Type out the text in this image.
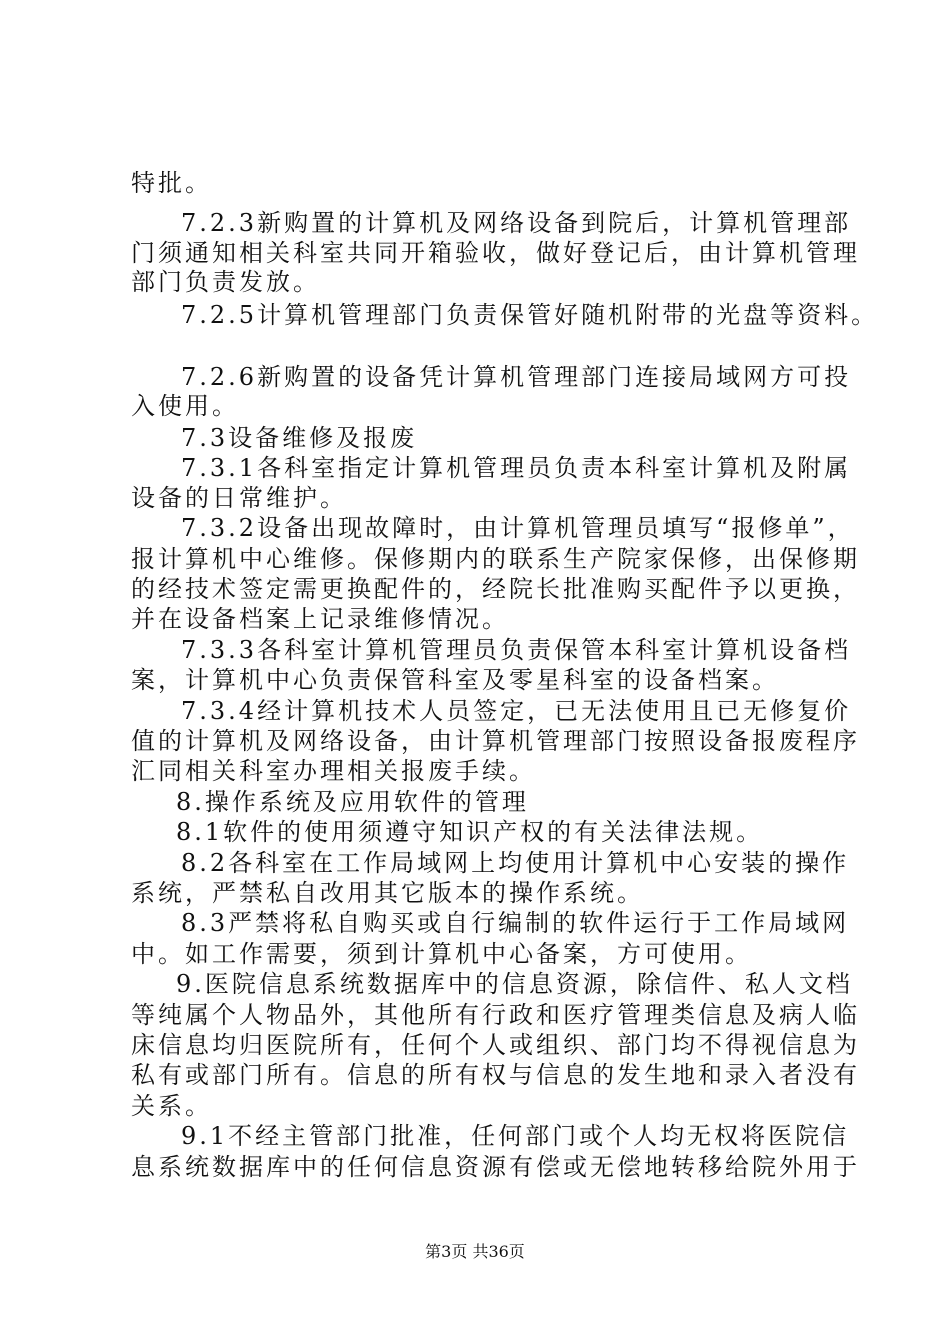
特批。
7.2.3新购置的计算机及网络设备到院后，计算机管理部
门须通知相关科室共同开箱验收，做好登记后，由计算机管理
部门负责发放。
7.2.5计算机管理部门负责保管好随机附带的光盘等资料。
7.2.6新购置的设备凭计算机管理部门连接局域网方可投
入使用。
7.3设备维修及报废
7.3.1各科室指定计算机管理员负责本科室计算机及附属
设备的日常维护。
7.3.2设备出现故障时，由计算机管理员填写“报修单”，
报计算机中心维修。保修期内的联系生产院家保修，出保修期
的经技术签定需更换配件的，经院长批准购买配件予以更换，
并在设备档案上记录维修情况。
7.3.3各科室计算机管理员负责保管本科室计算机设备档
案，计算机中心负责保管科室及零星科室的设备档案。
7.3.4经计算机技术人员签定，已无法使用且已无修复价
值的计算机及网络设备，由计算机管理部门按照设备报废程序
汇同相关科室办理相关报废手续。
8.操作系统及应用软件的管理
8.1软件的使用须遵守知识产权的有关法律法规。
8.2各科室在工作局域网上均使用计算机中心安装的操作
系统，严禁私自改用其它版本的操作系统。
8.3严禁将私自购买或自行编制的软件运行于工作局域网
中。如工作需要，须到计算机中心备案，方可使用。
9.医院信息系统数据库中的信息资源，除信件、私人文档
等纯属个人物品外，其他所有行政和医疗管理类信息及病人临
床信息均归医院所有，任何个人或组织、部门均不得视信息为
私有或部门所有。信息的所有权与信息的发生地和录入者没有
关系。
9.1不经主管部门批准，任何部门或个人均无权将医院信
息系统数据库中的任何信息资源有偿或无偿地转移给院外用于
第3页 共36页
